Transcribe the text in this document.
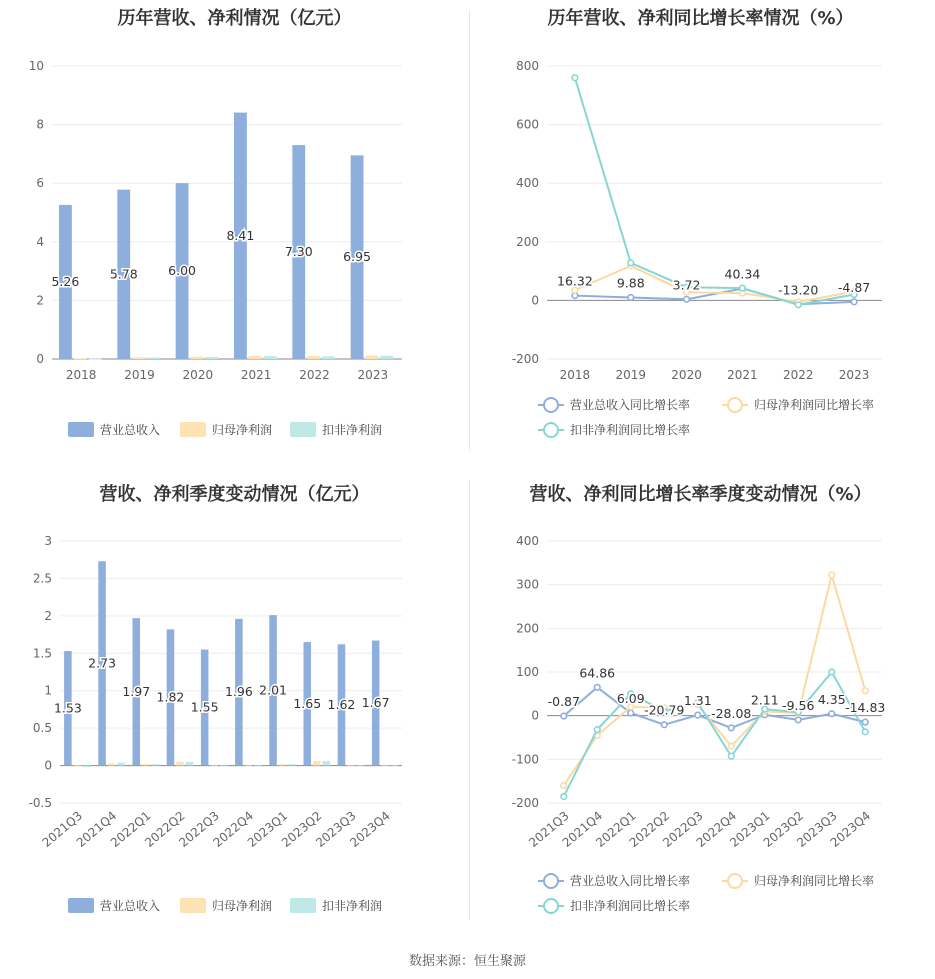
历年营收、净利情况（亿元）
0
2
4
6
8
10
2018 2019 2020 2021 2022 2023
5.26
5.78 6.00
8.41
7.30 6.95
营业总收入	归母净利润	扣非净利润
历年营收、净利同比增长率情况（%）
-200
0
200
400
600
800
2018 2019 2020 2021 2022 2023
16.32 9.88 3.72
40.34
-13.20 -4.87
营业总收入同比增长率	归母净利润同比增长率
扣非净利润同比增长率
营收、净利季度变动情况（亿元）
-0.5
0
0.5
1
1.5
2
2.5
3
2021Q3
2021Q4
2022Q1
2022Q2
2022Q3
2022Q4
2023Q1
2023Q2
2023Q3
2023Q4
1.53
2.73
1.97 1.82
1.55
1.96 2.01
1.65 1.62 1.67
营业总收入	归母净利润	扣非净利润
营收、净利同比增长率季度变动情况（%）
-200
-100
0
100
200
300
400
2021Q3
2021Q4
2022Q1
2022Q2
2022Q3
2022Q4
2023Q1
2023Q2
2023Q3
2023Q4
-0.87
64.86
6.09
-20.79
1.31
-28.08
2.11 -9.56 4.35
-14.83
营业总收入同比增长率	归母净利润同比增长率
扣非净利润同比增长率
数据来源：恒生聚源
